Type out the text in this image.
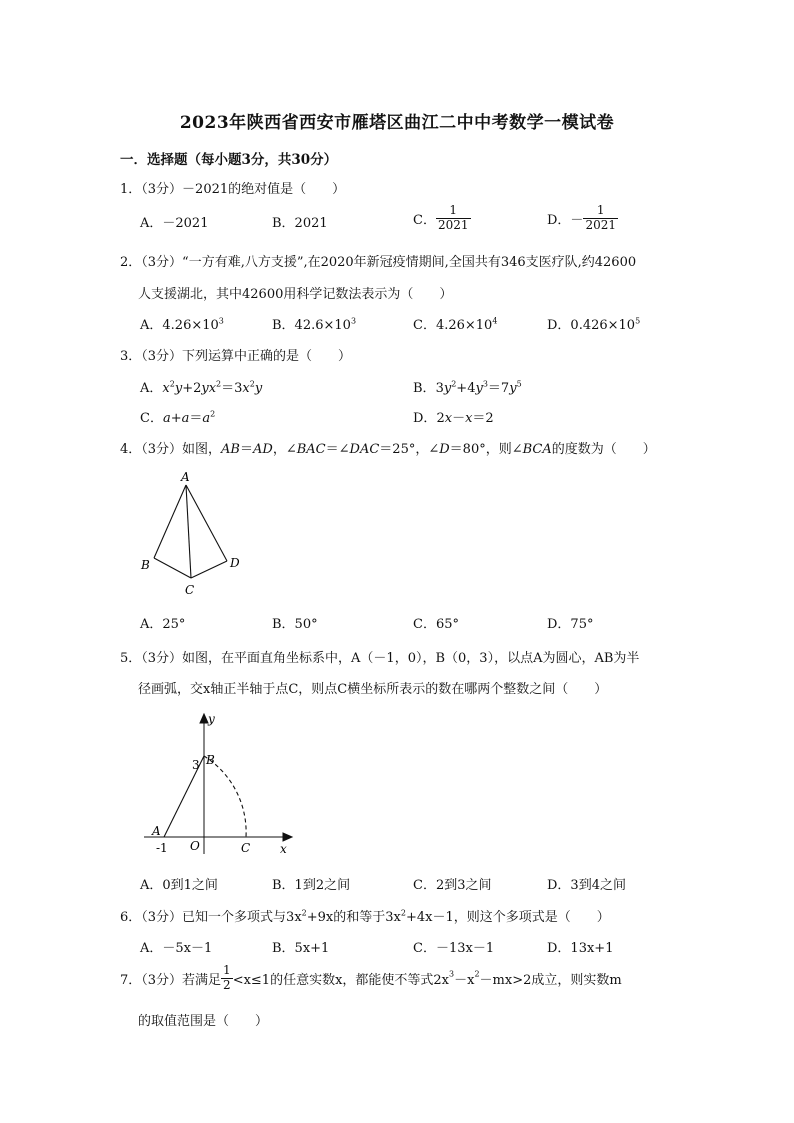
2023年陕西省西安市雁塔区曲江二中中考数学一模试卷
一．选择题（每小题3分，共30分）
1．（3分）－2021的绝对值是（　　）
A．－2021	B．2021	C． $\frac{1}{2021}$	D．－ $\frac{1}{2021}$
2．（3分）“一方有难,八方支援”,在2020年新冠疫情期间,全国共有346支医疗队,约42600
人支援湖北，其中42600用科学记数法表示为（　　）
A．$4.26\times 10^3$	B．$42.6\times 10^3$	C．$4.26\times 10^4$	D．$0.426\times 10^5$
3．（3分）下列运算中正确的是（　　）
A．$x^2y+2yx^2=3x^2y$	B．$3y^2+4y^3=7y^5$
C．$a+a=a^2$	D．2x－x＝2
4．（3分）如图，AB＝AD，∠BAC＝∠DAC＝25°，∠D＝80°，则∠BCA的度数为（　　）
A
B
C
D
A．25°	B．50°	C．65°	D．75°
5．（3分）如图，在平面直角坐标系中，A（－1，0），B（0，3），以点A为圆心，AB为半
径画弧，交x轴正半轴于点C，则点C横坐标所表示的数在哪两个整数之间（　　）
y
x
B
3
A
-1 O	C
A．0到1之间	B．1到2之间	C．2到3之间	D．3到4之间
6．（3分）已知一个多项式与$3x^2+9x$的和等于$3x^2+4x-1$，则这个多项式是（　　）
A．－5x－1	B．5x+1	C．－13x－1	D．13x+1
7．（3分）若满足 $\frac{1}{2} <x\le 1$的任意实数x，都能使不等式$2x^3-x^2-mx>2$成立，则实数m
的取值范围是（　　）
